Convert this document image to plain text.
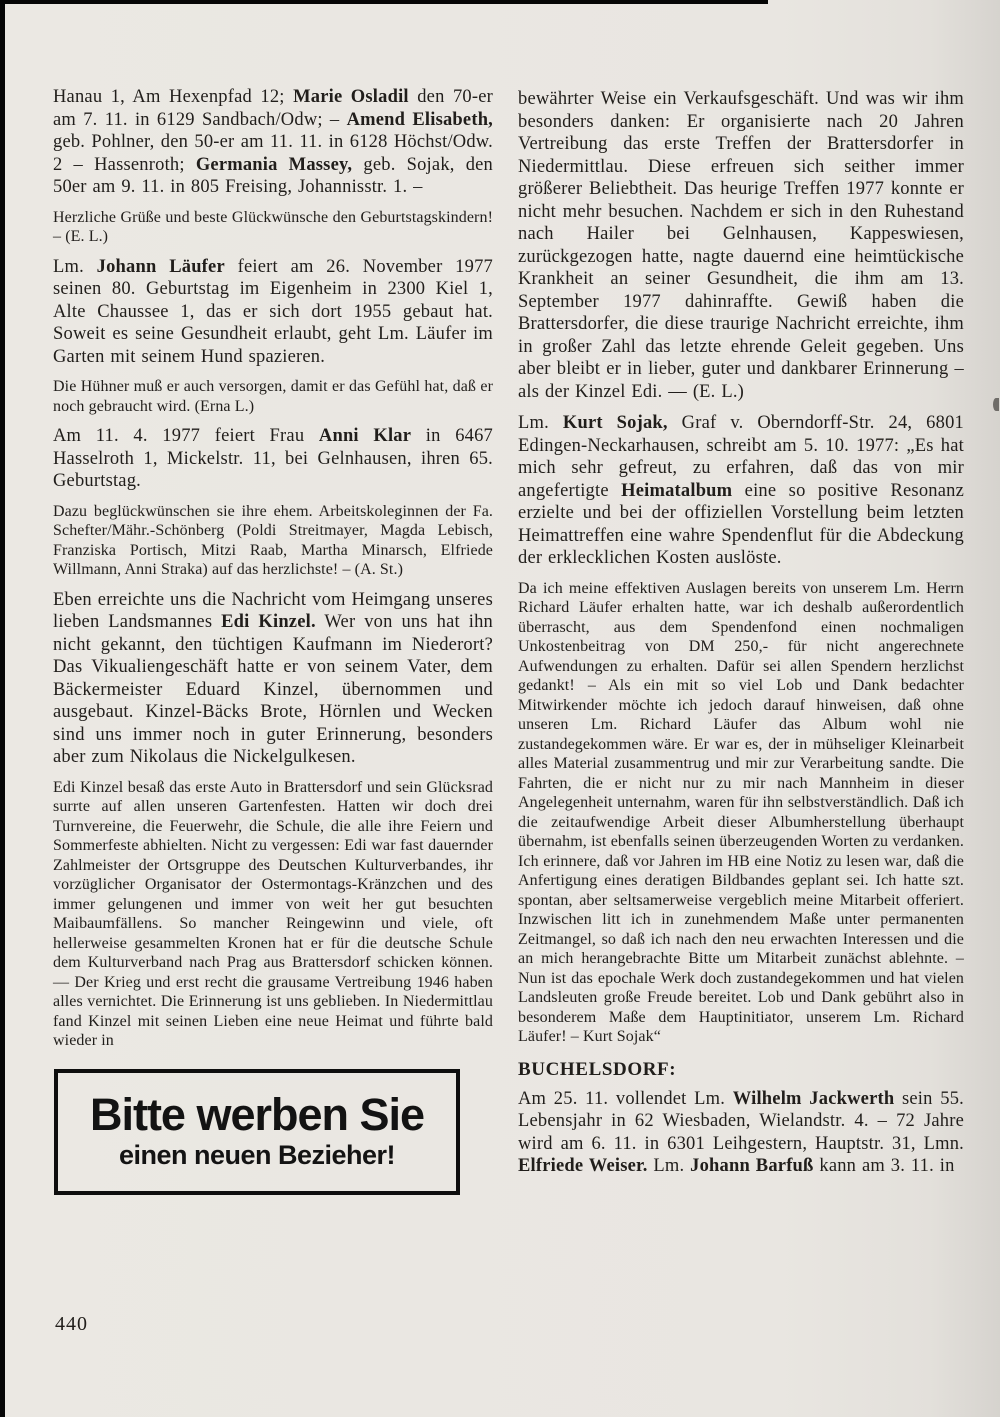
Hanau 1, Am Hexenpfad 12; Marie Osladil den 70-er am 7. 11. in 6129 Sandbach/Odw; – Amend Elisabeth, geb. Pohlner, den 50-er am 11. 11. in 6128 Höchst/Odw. 2 – Hassenroth; Germania Massey, geb. Sojak, den 50er am 9. 11. in 805 Freising, Johannisstr. 1. –

Herzliche Grüße und beste Glückwünsche den Geburtstagskindern! – (E. L.)

Lm. Johann Läufer feiert am 26. November 1977 seinen 80. Geburtstag im Eigenheim in 2300 Kiel 1, Alte Chaussee 1, das er sich dort 1955 gebaut hat. Soweit es seine Gesundheit erlaubt, geht Lm. Läufer im Garten mit seinem Hund spazieren.

Die Hühner muß er auch versorgen, damit er das Gefühl hat, daß er noch gebraucht wird. (Erna L.)

Am 11. 4. 1977 feiert Frau Anni Klar in 6467 Hasselroth 1, Mickelstr. 11, bei Gelnhausen, ihren 65. Geburtstag.

Dazu beglückwünschen sie ihre ehem. Arbeitskoleginnen der Fa. Schefter/Mähr.-Schönberg (Poldi Streitmayer, Magda Lebisch, Franziska Portisch, Mitzi Raab, Martha Minarsch, Elfriede Willmann, Anni Straka) auf das herzlichste! – (A. St.)

Eben erreichte uns die Nachricht vom Heimgang unseres lieben Landsmannes Edi Kinzel. Wer von uns hat ihn nicht gekannt, den tüchtigen Kaufmann im Niederort? Das Vikualiengeschäft hatte er von seinem Vater, dem Bäckermeister Eduard Kinzel, übernommen und ausgebaut. Kinzel-Bäcks Brote, Hörnlen und Wecken sind uns immer noch in guter Erinnerung, besonders aber zum Nikolaus die Nickelgulkesen.

Edi Kinzel besaß das erste Auto in Brattersdorf und sein Glücksrad surrte auf allen unseren Gartenfesten. Hatten wir doch drei Turnvereine, die Feuerwehr, die Schule, die alle ihre Feiern und Sommerfeste abhielten. Nicht zu vergessen: Edi war fast dauernder Zahlmeister der Ortsgruppe des Deutschen Kulturverbandes, ihr vorzüglicher Organisator der Ostermontags-Kränzchen und des immer gelungenen und immer von weit her gut besuchten Maibaumfällens. So mancher Reingewinn und viele, oft hellerweise gesammelten Kronen hat er für die deutsche Schule dem Kulturverband nach Prag aus Brattersdorf schicken können. — Der Krieg und erst recht die grausame Vertreibung 1946 haben alles vernichtet. Die Erinnerung ist uns geblieben. In Niedermittlau fand Kinzel mit seinen Lieben eine neue Heimat und führte bald wieder in

Bitte werben Sie
einen neuen Bezieher!

bewährter Weise ein Verkaufsgeschäft. Und was wir ihm besonders danken: Er organisierte nach 20 Jahren Vertreibung das erste Treffen der Brattersdorfer in Niedermittlau. Diese erfreuen sich seither immer größerer Beliebtheit. Das heurige Treffen 1977 konnte er nicht mehr besuchen. Nachdem er sich in den Ruhestand nach Hailer bei Gelnhausen, Kappeswiesen, zurückgezogen hatte, nagte dauernd eine heimtückische Krankheit an seiner Gesundheit, die ihm am 13. September 1977 dahinraffte. Gewiß haben die Brattersdorfer, die diese traurige Nachricht erreichte, ihm in großer Zahl das letzte ehrende Geleit gegeben. Uns aber bleibt er in lieber, guter und dankbarer Erinnerung – als der Kinzel Edi. — (E. L.)

Lm. Kurt Sojak, Graf v. Oberndorff-Str. 24, 6801 Edingen-Neckarhausen, schreibt am 5. 10. 1977: „Es hat mich sehr gefreut, zu erfahren, daß das von mir angefertigte Heimatalbum eine so positive Resonanz erzielte und bei der offiziellen Vorstellung beim letzten Heimattreffen eine wahre Spendenflut für die Abdeckung der erklecklichen Kosten auslöste.

Da ich meine effektiven Auslagen bereits von unserem Lm. Herrn Richard Läufer erhalten hatte, war ich deshalb außerordentlich überrascht, aus dem Spendenfond einen nochmaligen Unkostenbeitrag von DM 250,- für nicht angerechnete Aufwendungen zu erhalten. Dafür sei allen Spendern herzlichst gedankt! – Als ein mit so viel Lob und Dank bedachter Mitwirkender möchte ich jedoch darauf hinweisen, daß ohne unseren Lm. Richard Läufer das Album wohl nie zustandegekommen wäre. Er war es, der in mühseliger Kleinarbeit alles Material zusammentrug und mir zur Verarbeitung sandte. Die Fahrten, die er nicht nur zu mir nach Mannheim in dieser Angelegenheit unternahm, waren für ihn selbstverständlich. Daß ich die zeitaufwendige Arbeit dieser Albumherstellung überhaupt übernahm, ist ebenfalls seinen überzeugenden Worten zu verdanken. Ich erinnere, daß vor Jahren im HB eine Notiz zu lesen war, daß die Anfertigung eines deratigen Bildbandes geplant sei. Ich hatte szt. spontan, aber seltsamerweise vergeblich meine Mitarbeit offeriert. Inzwischen litt ich in zunehmendem Maße unter permanenten Zeitmangel, so daß ich nach den neu erwachten Interessen und die an mich herangebrachte Bitte um Mitarbeit zunächst ablehnte. – Nun ist das epochale Werk doch zustandegekommen und hat vielen Landsleuten große Freude bereitet. Lob und Dank gebührt also in besonderem Maße dem Hauptinitiator, unserem Lm. Richard Läufer! – Kurt Sojak“

BUCHELSDORF:

Am 25. 11. vollendet Lm. Wilhelm Jackwerth sein 55. Lebensjahr in 62 Wiesbaden, Wielandstr. 4. – 72 Jahre wird am 6. 11. in 6301 Leihgestern, Hauptstr. 31, Lmn. Elfriede Weiser. Lm. Johann Barfuß kann am 3. 11. in

440
